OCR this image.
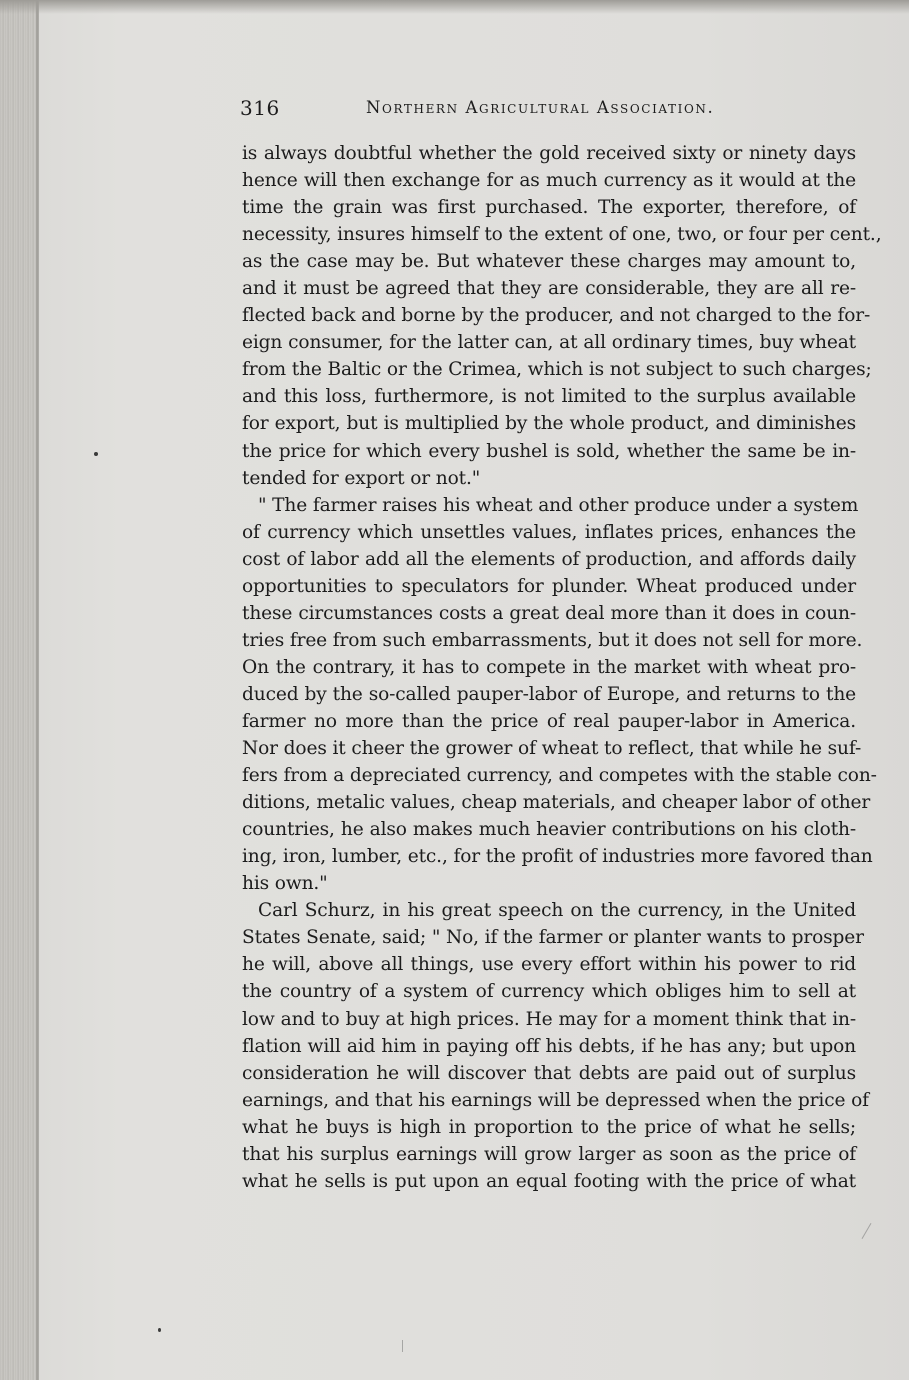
316	Northern Agricultural Association.
is always doubtful whether the gold received sixty or ninety days
hence will then exchange for as much currency as it would at the
time the grain was first purchased. The exporter, therefore, of
necessity, insures himself to the extent of one, two, or four per cent.,
as the case may be. But whatever these charges may amount to,
and it must be agreed that they are considerable, they are all re-
flected back and borne by the producer, and not charged to the for-
eign consumer, for the latter can, at all ordinary times, buy wheat
from the Baltic or the Crimea, which is not subject to such charges;
and this loss, furthermore, is not limited to the surplus available
for export, but is multiplied by the whole product, and diminishes
the price for which every bushel is sold, whether the same be in-
tended for export or not."
" The farmer raises his wheat and other produce under a system
of currency which unsettles values, inflates prices, enhances the
cost of labor add all the elements of production, and affords daily
opportunities to speculators for plunder. Wheat produced under
these circumstances costs a great deal more than it does in coun-
tries free from such embarrassments, but it does not sell for more.
On the contrary, it has to compete in the market with wheat pro-
duced by the so-called pauper-labor of Europe, and returns to the
farmer no more than the price of real pauper-labor in America.
Nor does it cheer the grower of wheat to reflect, that while he suf-
fers from a depreciated currency, and competes with the stable con-
ditions, metalic values, cheap materials, and cheaper labor of other
countries, he also makes much heavier contributions on his cloth-
ing, iron, lumber, etc., for the profit of industries more favored than
his own."
Carl Schurz, in his great speech on the currency, in the United
States Senate, said; " No, if the farmer or planter wants to prosper
he will, above all things, use every effort within his power to rid
the country of a system of currency which obliges him to sell at
low and to buy at high prices. He may for a moment think that in-
flation will aid him in paying off his debts, if he has any; but upon
consideration he will discover that debts are paid out of surplus
earnings, and that his earnings will be depressed when the price of
what he buys is high in proportion to the price of what he sells;
that his surplus earnings will grow larger as soon as the price of
what he sells is put upon an equal footing with the price of what
